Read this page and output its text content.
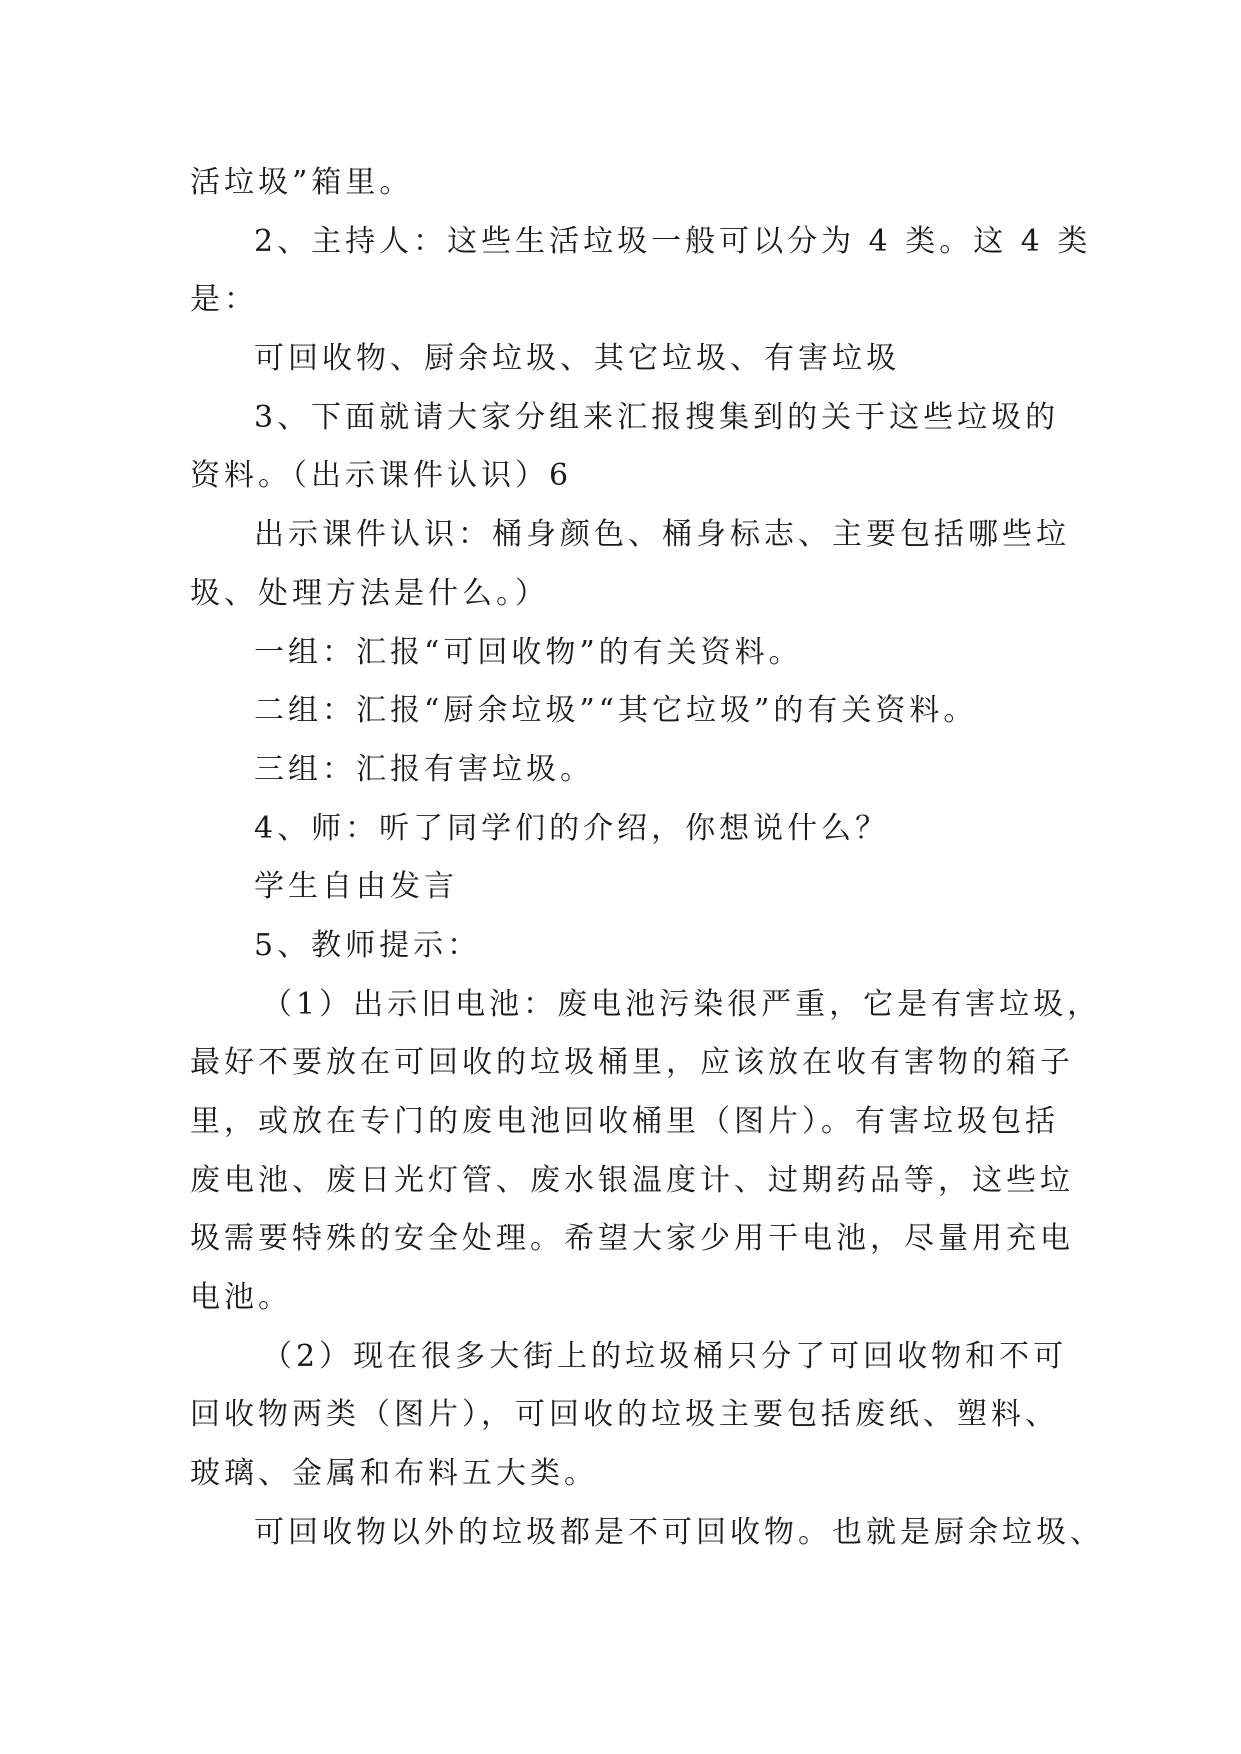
活垃圾”箱里。
2、主持人：这些生活垃圾一般可以分为 4 类。这 4 类
是：
可回收物、厨余垃圾、其它垃圾、有害垃圾
3、下面就请大家分组来汇报搜集到的关于这些垃圾的
资料。（出示课件认识）6
出示课件认识：桶身颜色、桶身标志、主要包括哪些垃
圾、处理方法是什么。）
一组：汇报“可回收物”的有关资料。
二组：汇报“厨余垃圾”“其它垃圾”的有关资料。
三组：汇报有害垃圾。
4、师：听了同学们的介绍，你想说什么？
学生自由发言
5、教师提示：
（1）出示旧电池：废电池污染很严重，它是有害垃圾，
最好不要放在可回收的垃圾桶里，应该放在收有害物的箱子
里，或放在专门的废电池回收桶里（图片）。有害垃圾包括
废电池、废日光灯管、废水银温度计、过期药品等，这些垃
圾需要特殊的安全处理。希望大家少用干电池，尽量用充电
电池。
（2）现在很多大街上的垃圾桶只分了可回收物和不可
回收物两类（图片），可回收的垃圾主要包括废纸、塑料、
玻璃、金属和布料五大类。
可回收物以外的垃圾都是不可回收物。也就是厨余垃圾、
